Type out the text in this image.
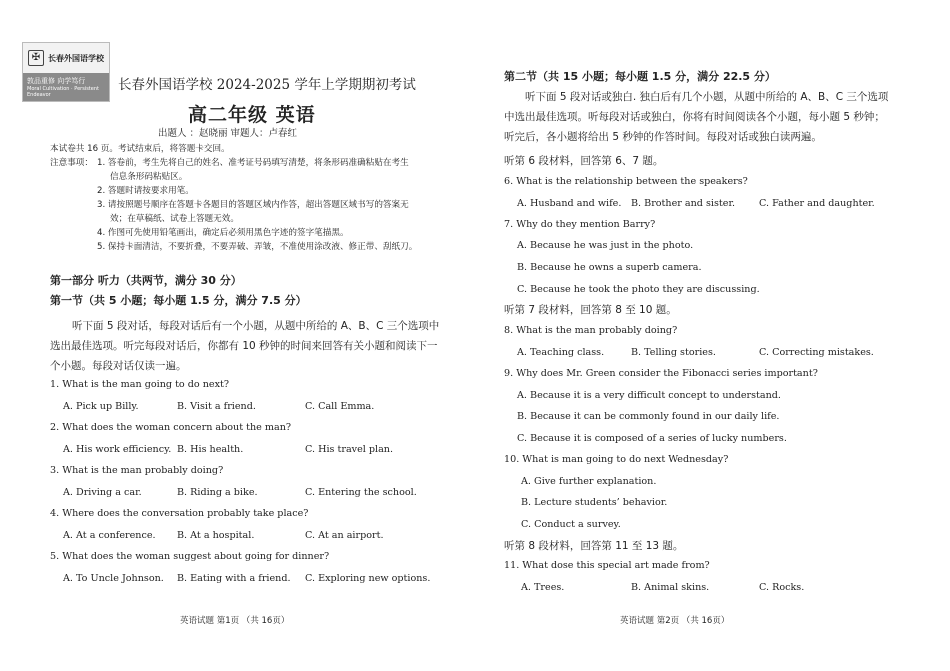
✠ 长春外国语学校
敦品重修 向学笃行
Moral Cultivation · Persistent Endeavor
长春外国语学校 2024-2025 学年上学期期初考试
高二年级 英语
出题人 ：赵晓丽 审题人：卢春红
本试卷共 16 页。考试结束后，将答题卡交回。
注意事项： 1. 答卷前，考生先将自己的姓名、准考证号码填写清楚，将条形码准确粘贴在考生
信息条形码粘贴区。
2. 答题时请按要求用笔。
3. 请按照题号顺序在答题卡各题目的答题区域内作答，超出答题区域书写的答案无
效；在草稿纸、试卷上答题无效。
4. 作图可先使用铅笔画出，确定后必须用黑色字迹的签字笔描黑。
5. 保持卡面清洁，不要折叠，不要弄破、弄皱，不准使用涂改液、修正带、刮纸刀。
第一部分 听力（共两节，满分 30 分）
第一节（共 5 小题；每小题 1.5 分，满分 7.5 分）
听下面 5 段对话，每段对话后有一个小题，从题中所给的 A、B、C 三个选项中
选出最佳选项。听完每段对话后，你都有 10 秒钟的时间来回答有关小题和阅读下一
个小题。每段对话仅读一遍。
1. What is the man going to do next?
A. Pick up Billy.	B. Visit a friend.	C. Call Emma.
2. What does the woman concern about the man?
A. His work efficiency. B. His health.	C. His travel plan.
3. What is the man probably doing?
A. Driving a car.	B. Riding a bike.	C. Entering the school.
4. Where does the conversation probably take place?
A. At a conference. B. At a hospital.	C. At an airport.
5. What does the woman suggest about going for dinner?
A. To Uncle Johnson. B. Eating with a friend. C. Exploring new options.
英语试题 第1页 （共 16页）
第二节（共 15 小题；每小题 1.5 分，满分 22.5 分）
听下面 5 段对话或独白. 独白后有几个小题，从题中所给的 A、B、C 三个选项
中选出最佳选项。听每段对话或独白，你将有时间阅读各个小题，每小题 5 秒钟；
听完后，各小题将给出 5 秒钟的作答时间。每段对话或独白读两遍。
听第 6 段材料，回答第 6、7 题。
6. What is the relationship between the speakers?
A. Husband and wife. B. Brother and sister. C. Father and daughter.
7. Why do they mention Barry?
A. Because he was just in the photo.
B. Because he owns a superb camera.
C. Because he took the photo they are discussing.
听第 7 段材料，回答第 8 至 10 题。
8. What is the man probably doing?
A. Teaching class.	B. Telling stories.	C. Correcting mistakes.
9. Why does Mr. Green consider the Fibonacci series important?
A. Because it is a very difficult concept to understand.
B. Because it can be commonly found in our daily life.
C. Because it is composed of a series of lucky numbers.
10. What is man going to do next Wednesday?
A. Give further explanation.
B. Lecture students’ behavior.
C. Conduct a survey.
听第 8 段材料，回答第 11 至 13 题。
11. What dose this special art made from?
A. Trees.	B. Animal skins.	C. Rocks.
英语试题 第2页 （共 16页）
